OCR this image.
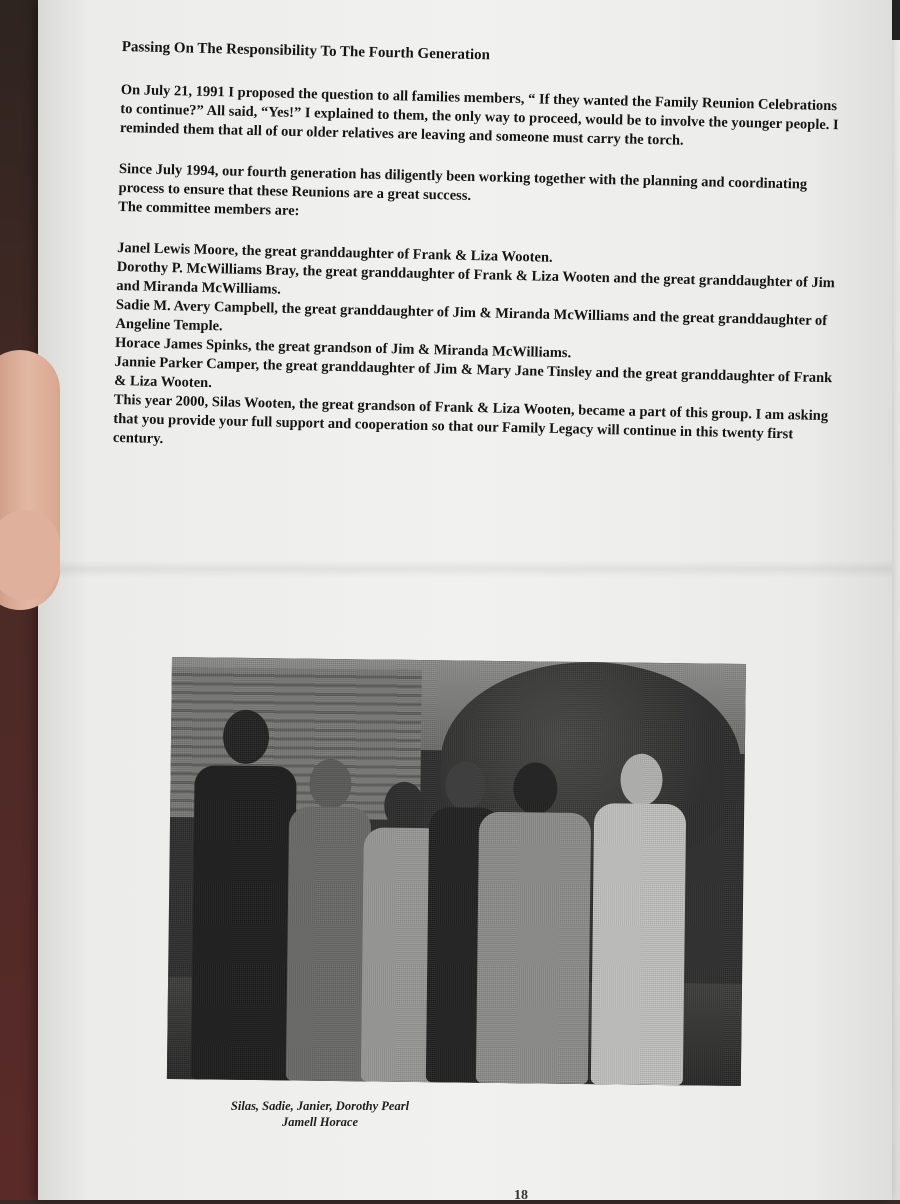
Passing On The Responsibility To The Fourth Generation

On July 21, 1991 I proposed the question to all families members, “ If they wanted the Family Reunion Celebrations to continue?” All said, “Yes!” I explained to them, the only way to proceed, would be to involve the younger people. I reminded them that all of our older relatives are leaving and someone must carry the torch.

Since July 1994, our fourth generation has diligently been working together with the planning and coordinating process to ensure that these Reunions are a great success.

The committee members are:

Janel Lewis Moore, the great granddaughter of Frank & Liza Wooten.
Dorothy P. McWilliams Bray, the great granddaughter of Frank & Liza Wooten and the great granddaughter of Jim and Miranda McWilliams.
Sadie M. Avery Campbell, the great granddaughter of Jim & Miranda McWilliams and the great granddaughter of Angeline Temple.
Horace James Spinks, the great grandson of Jim & Miranda McWilliams.
Jannie Parker Camper, the great granddaughter of Jim & Mary Jane Tinsley and the great granddaughter of Frank & Liza Wooten.

This year 2000, Silas Wooten, the great grandson of Frank & Liza Wooten, became a part of this group. I am asking that you provide your full support and cooperation so that our Family Legacy will continue in this twenty first century.

Silas, Sadie, Janier, Dorothy Pearl
Jamell Horace
18
